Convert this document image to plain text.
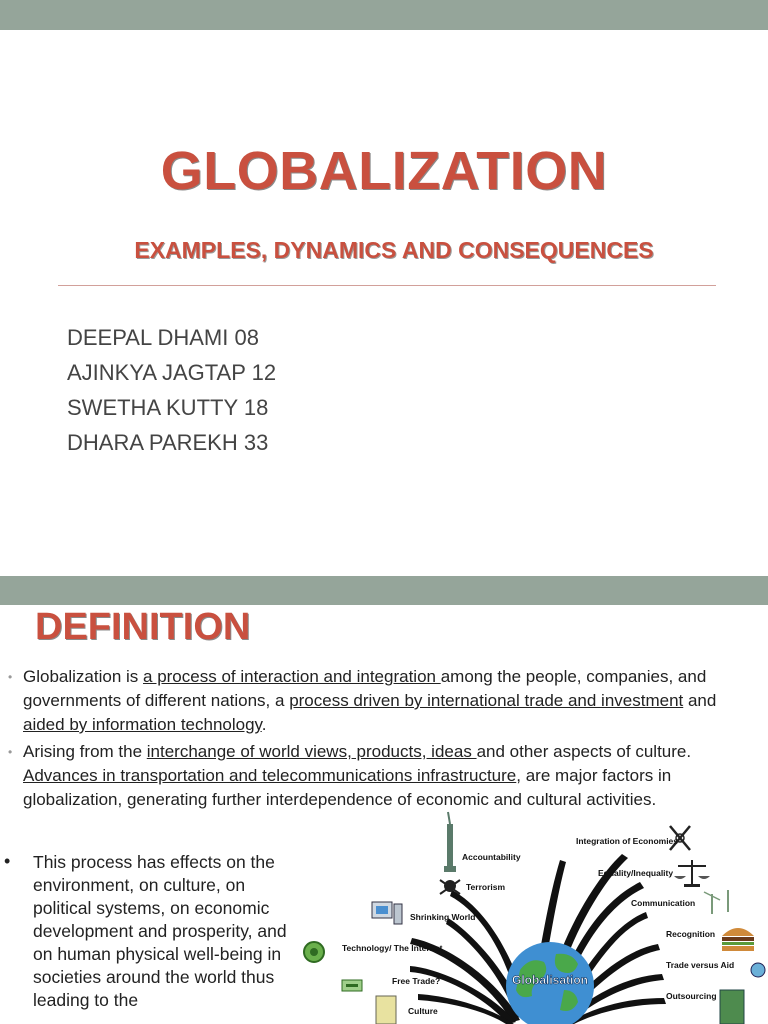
GLOBALIZATION
EXAMPLES, DYNAMICS AND CONSEQUENCES
DEEPAL DHAMI 08
AJINKYA JAGTAP 12
SWETHA KUTTY 18
DHARA PAREKH 33
DEFINITION
• Globalization is a process of interaction and integration among the people, companies, and governments of different nations, a process driven by international trade and investment and aided by information technology.
• Arising from the interchange of world views, products, ideas and other aspects of culture. Advances in transportation and telecommunications infrastructure, are major factors in globalization, generating further interdependence of economic and cultural activities.
• This process has effects on the environment, on culture, on political systems, on economic development and prosperity, and on human physical well-being in societies around the world thus leading to the
Globalisation
Accountability
Terrorism
Shrinking World
Technology/ The Internet
Free Trade?
Culture
Integration of Economies
Equality/Inequality
Communication
Recognition
Trade versus Aid
Outsourcing
